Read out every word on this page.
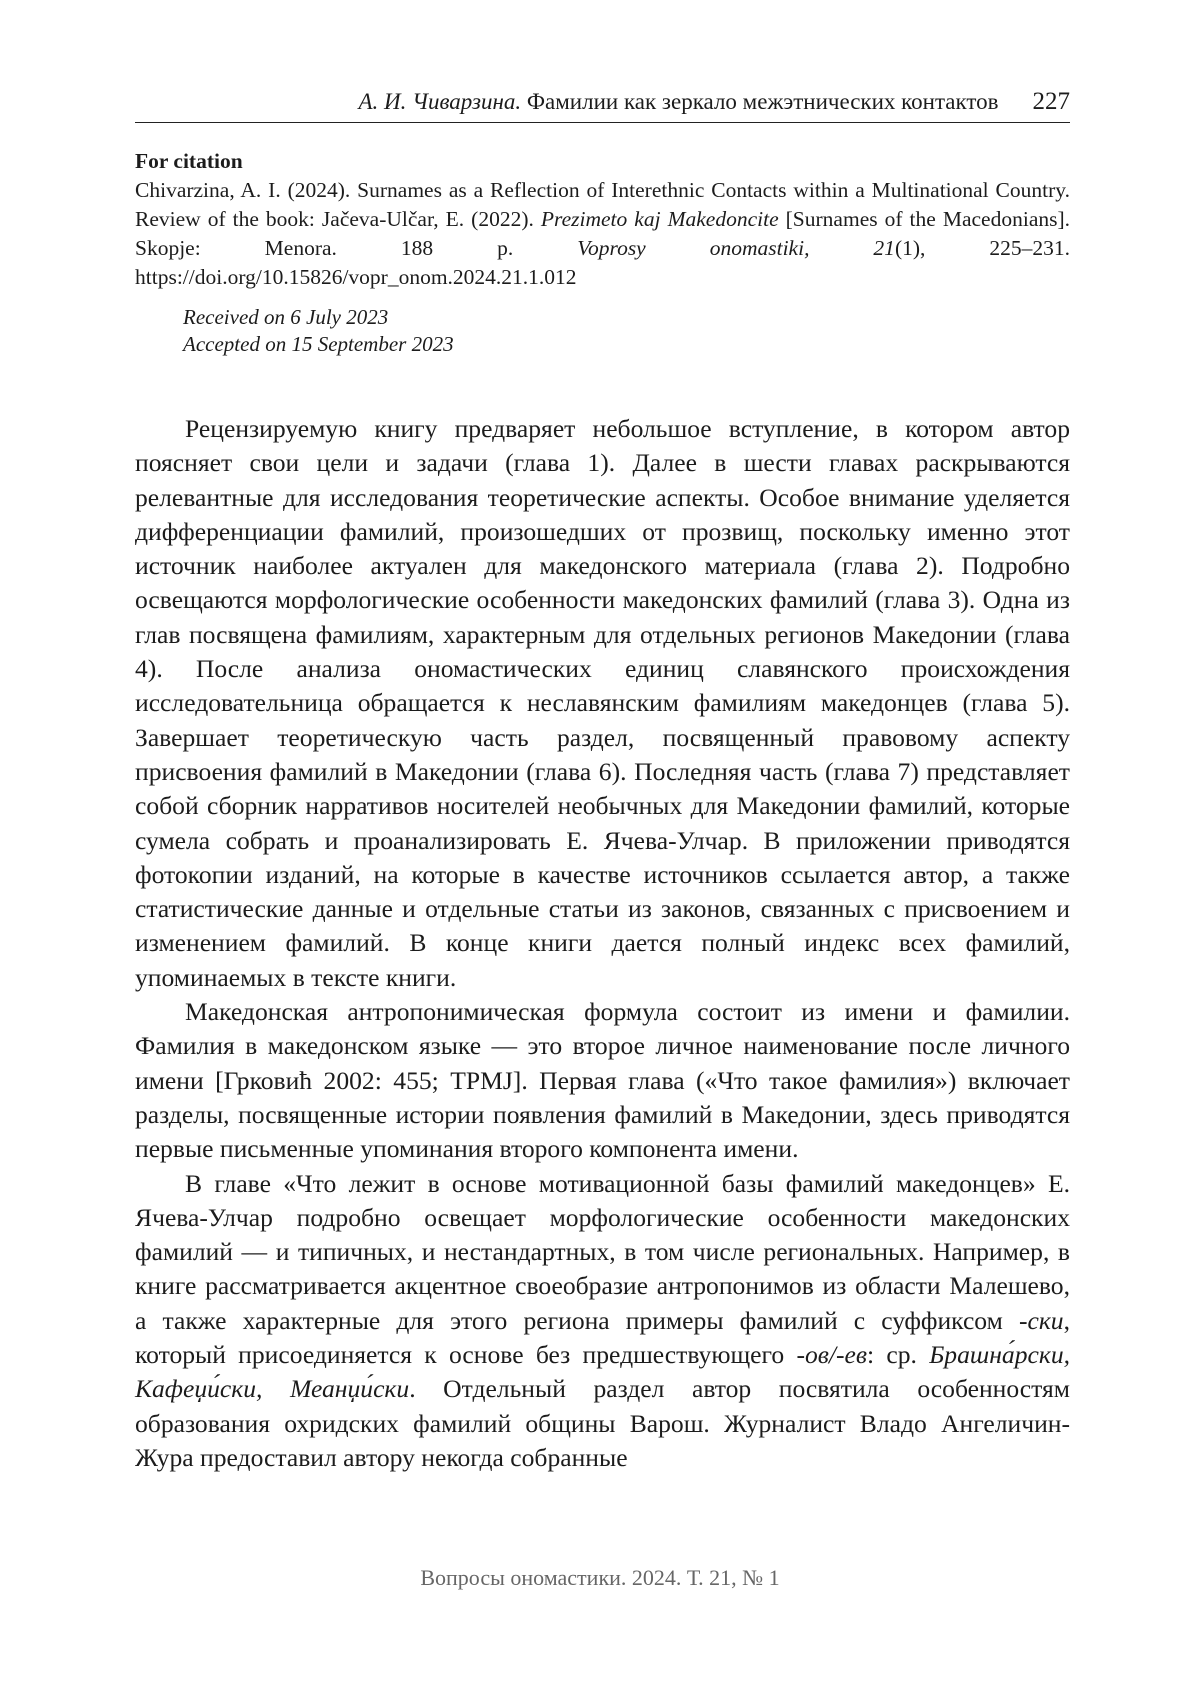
А. И. Чиварзина. Фамилии как зеркало межэтнических контактов 227
For citation
Chivarzina, A. I. (2024). Surnames as a Reflection of Interethnic Contacts within a Multinational Country. Review of the book: Jačeva-Ulčar, E. (2022). Prezimeto kaj Makedoncite [Surnames of the Macedonians]. Skopje: Menora. 188 p. Voprosy onomastiki, 21(1), 225–231. https://doi.org/10.15826/vopr_onom.2024.21.1.012
Received on 6 July 2023
Accepted on 15 September 2023

Рецензируемую книгу предваряет небольшое вступление, в котором автор поясняет свои цели и задачи (глава 1). Далее в шести главах раскрываются релевантные для исследования теоретические аспекты. Особое внимание уделяется дифференциации фамилий, произошедших от прозвищ, поскольку именно этот источник наиболее актуален для македонского материала (глава 2). Подробно освещаются морфологические особенности македонских фамилий (глава 3). Одна из глав посвящена фамилиям, характерным для отдельных регионов Македонии (глава 4). После анализа ономастических единиц славянского происхождения исследовательница обращается к неславянским фамилиям македонцев (глава 5). Завершает теоретическую часть раздел, посвященный правовому аспекту присвоения фамилий в Македонии (глава 6). Последняя часть (глава 7) представляет собой сборник нарративов носителей необычных для Македонии фамилий, которые сумела собрать и проанализировать Е. Ячева-Улчар. В приложении приводятся фотокопии изданий, на которые в качестве источников ссылается автор, а также статистические данные и отдельные статьи из законов, связанных с присвоением и изменением фамилий. В конце книги дается полный индекс всех фамилий, упоминаемых в тексте книги.

Македонская антропонимическая формула состоит из имени и фамилии. Фамилия в македонском языке — это второе личное наименование после личного имени [Грковић 2002: 455; ТРМЈ]. Первая глава («Что такое фамилия») включает разделы, посвященные истории появления фамилий в Македонии, здесь приводятся первые письменные упоминания второго компонента имени.

В главе «Что лежит в основе мотивационной базы фамилий македонцев» Е. Ячева-Улчар подробно освещает морфологические особенности македонских фамилий — и типичных, и нестандартных, в том числе региональных. Например, в книге рассматривается акцентное своеобразие антропонимов из области Малешево, а также характерные для этого региона примеры фамилий с суффиксом -ски, который присоединяется к основе без предшествующего -ов/-ев: ср. Брашна́рски, Кафеџи́ски, Меанџи́ски. Отдельный раздел автор посвятила особенностям образования охридских фамилий общины Варош. Журналист Владо Ангеличин-Жура предоставил автору некогда собранные

Вопросы ономастики. 2024. Т. 21, № 1
